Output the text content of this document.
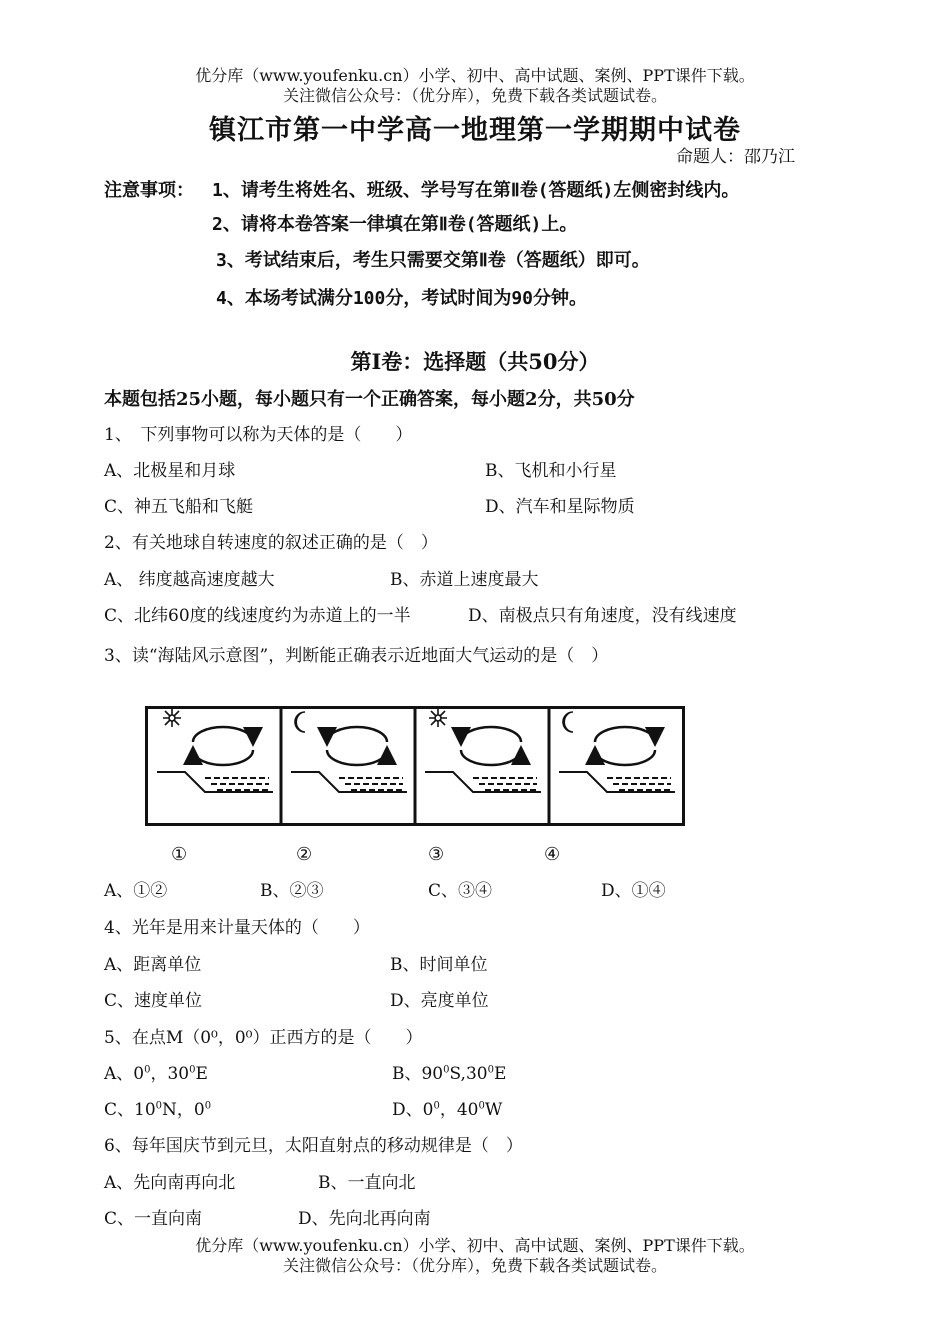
优分库（www.youfenku.cn）小学、初中、高中试题、案例、PPT课件下载。
关注微信公众号：（优分库），免费下载各类试题试卷。
镇江市第一中学高一地理第一学期期中试卷
命题人：邵乃江
注意事项： 1、请考生将姓名、班级、学号写在第Ⅱ卷(答题纸)左侧密封线内。
2、请将本卷答案一律填在第Ⅱ卷(答题纸)上。
3、考试结束后，考生只需要交第Ⅱ卷（答题纸）即可。
4、本场考试满分100分，考试时间为90分钟。
第Ⅰ卷：选择题（共50分）
本题包括25小题，每小题只有一个正确答案，每小题2分，共50分
1、　下列事物可以称为天体的是（　　）
A、北极星和月球	B、飞机和小行星
C、神五飞船和飞艇	D、汽车和星际物质
2、有关地球自转速度的叙述正确的是（　）
A、 纬度越高速度越大	B、赤道上速度最大
C、北纬60度的线速度约为赤道上的一半	D、南极点只有角速度，没有线速度
3、读“海陆风示意图”，判断能正确表示近地面大气运动的是（　）
①	②	③	④
A、①②	B、②③	C、③④	D、①④
4、光年是用来计量天体的（　　）
A、距离单位	B、时间单位
C、速度单位	D、亮度单位
5、在点M（0⁰，0⁰）正西方的是（　　）
A、$0^0$，$30^0E$	B、$90^0S,30^0E$
C、$10^0N$，$0^0$	D、$0^0$，$40^0W$
6、每年国庆节到元旦，太阳直射点的移动规律是（　）
A、先向南再向北	B、一直向北
C、一直向南	D、先向北再向南
优分库（www.youfenku.cn）小学、初中、高中试题、案例、PPT课件下载。
关注微信公众号：（优分库），免费下载各类试题试卷。
